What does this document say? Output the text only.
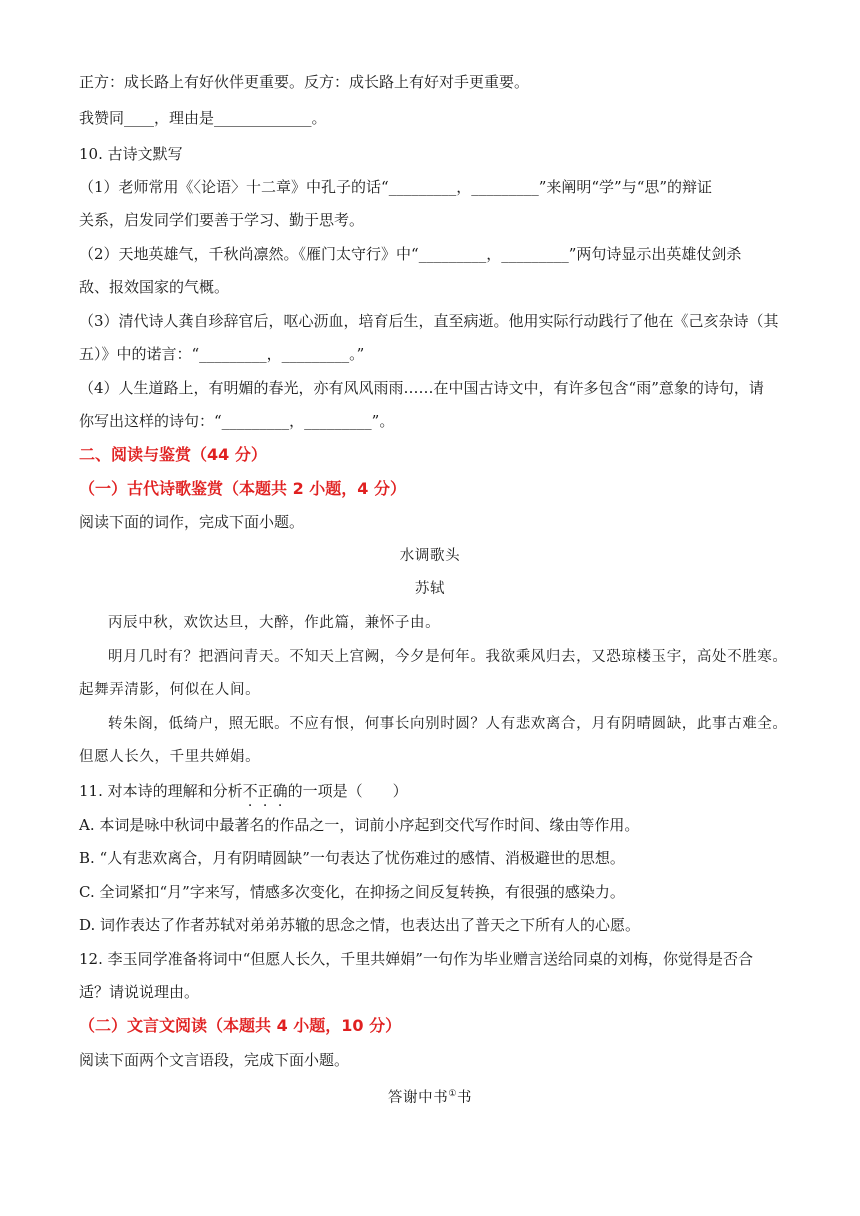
正方：成长路上有好伙伴更重要。反方：成长路上有好对手更重要。
我赞同____，理由是_____________。
10. 古诗文默写
（1）老师常用《〈论语〉十二章》中孔子的话“_________，_________”来阐明“学”与“思”的辩证
关系，启发同学们要善于学习、勤于思考。
（2）天地英雄气，千秋尚凛然。《雁门太守行》中“_________，_________”两句诗显示出英雄仗剑杀
敌、报效国家的气概。
（3）清代诗人龚自珍辞官后，呕心沥血，培育后生，直至病逝。他用实际行动践行了他在《己亥杂诗（其
五）》中的诺言：“_________，_________。”
（4）人生道路上，有明媚的春光，亦有风风雨雨……在中国古诗文中，有许多包含“雨”意象的诗句，请
你写出这样的诗句：“_________，_________”。
二、阅读与鉴赏（44 分）
（一）古代诗歌鉴赏（本题共 2 小题，4 分）
阅读下面的词作，完成下面小题。
水调歌头
苏轼
丙辰中秋，欢饮达旦，大醉，作此篇，兼怀子由。
明月几时有？把酒问青天。不知天上宫阙，今夕是何年。我欲乘风归去，又恐琼楼玉宇，高处不胜寒。
起舞弄清影，何似在人间。
转朱阁，低绮户，照无眠。不应有恨，何事长向别时圆？人有悲欢离合，月有阴晴圆缺，此事古难全。
但愿人长久，千里共婵娟。
11. 对本诗的理解和分析不正确的一项是（　　）
A. 本词是咏中秋词中最著名的作品之一，词前小序起到交代写作时间、缘由等作用。
B. “人有悲欢离合，月有阴晴圆缺”一句表达了忧伤难过的感情、消极避世的思想。
C. 全词紧扣“月”字来写，情感多次变化，在抑扬之间反复转换，有很强的感染力。
D. 词作表达了作者苏轼对弟弟苏辙的思念之情，也表达出了普天之下所有人的心愿。
12. 李玉同学准备将词中“但愿人长久，千里共婵娟”一句作为毕业赠言送给同桌的刘梅，你觉得是否合
适？请说说理由。
（二）文言文阅读（本题共 4 小题，10 分）
阅读下面两个文言语段，完成下面小题。
答谢中书①书
